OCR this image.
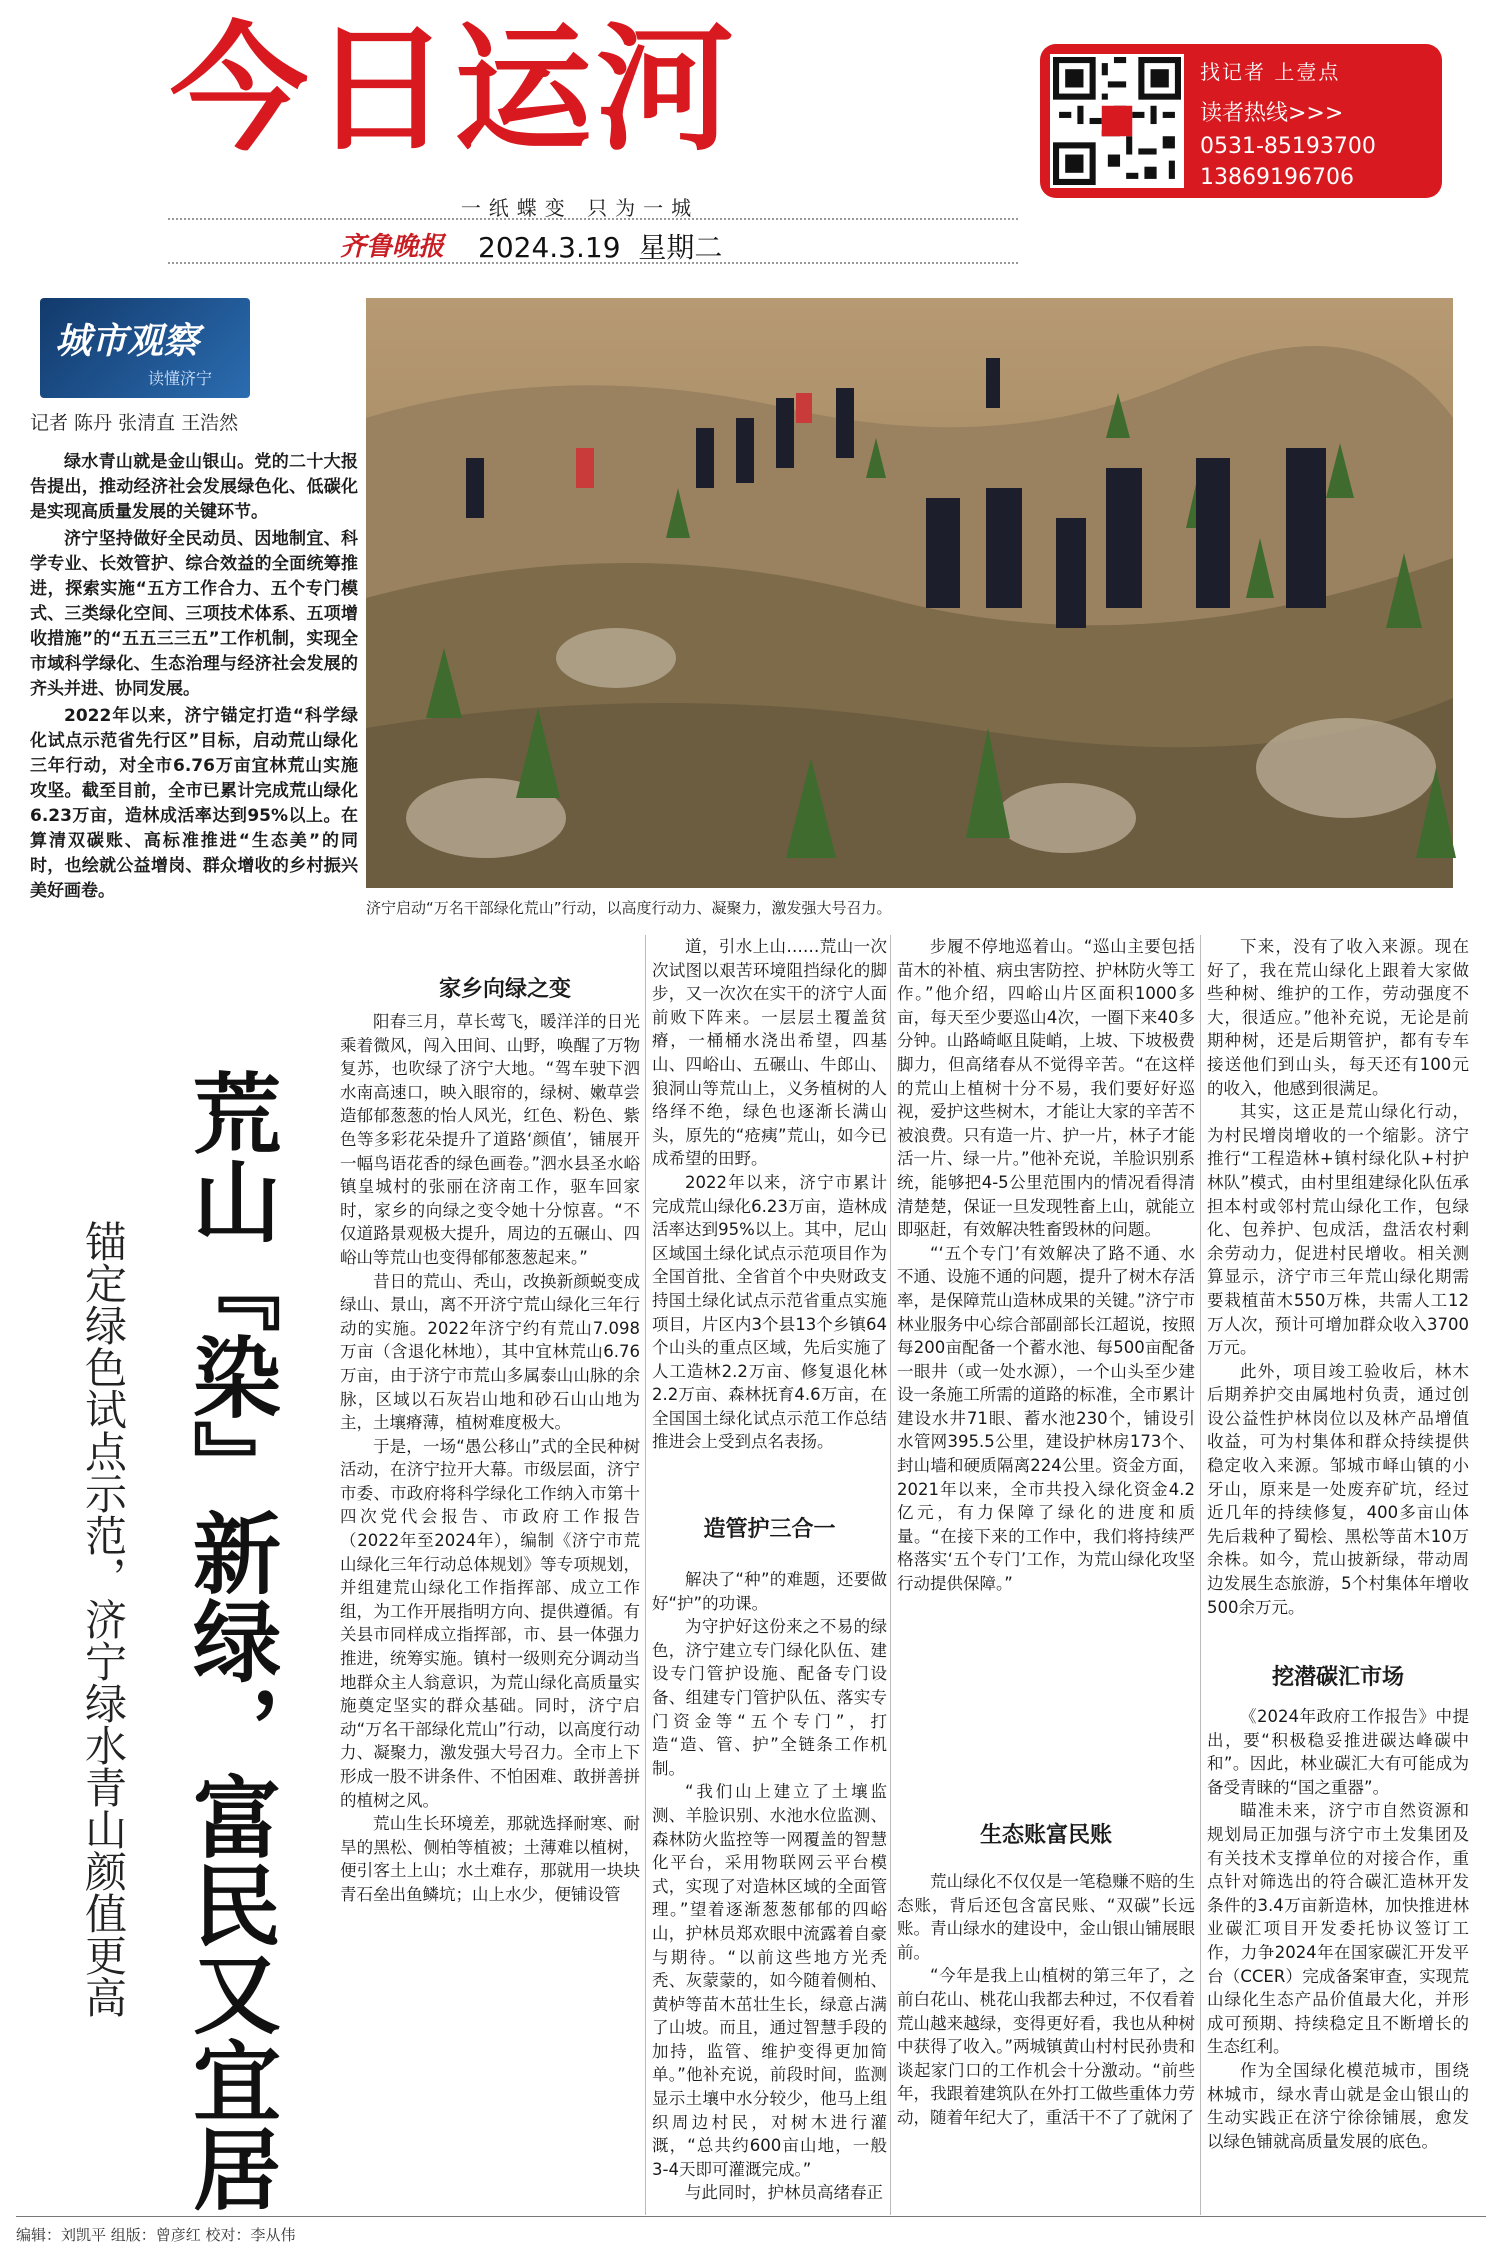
今日运河
一纸蝶变 只为一城
齐鲁晚报	2024.3.19 星期二
找记者 上壹点
读者热线>>>
0531-85193700
13869196706
城市观察
读懂济宁
记者 陈丹 张清直 王浩然

绿水青山就是金山银山。党的二十大报告提出，推动经济社会发展绿色化、低碳化是实现高质量发展的关键环节。

济宁坚持做好全民动员、因地制宜、科学专业、长效管护、综合效益的全面统筹推进，探索实施“五方工作合力、五个专门模式、三类绿化空间、三项技术体系、五项增收措施”的“五五三三五”工作机制，实现全市域科学绿化、生态治理与经济社会发展的齐头并进、协同发展。

2022年以来，济宁锚定打造“科学绿化试点示范省先行区”目标，启动荒山绿化三年行动，对全市6.76万亩宜林荒山实施攻坚。截至目前，全市已累计完成荒山绿化6.23万亩，造林成活率达到95%以上。在算清双碳账、高标准推进“生态美”的同时，也绘就公益增岗、群众增收的乡村振兴美好画卷。

济宁启动“万名干部绿化荒山”行动，以高度行动力、凝聚力，激发强大号召力。
荒山『染』新绿，富民又宜居
锚定绿色试点示范，济宁绿水青山颜值更高
家乡向绿之变

阳春三月，草长莺飞，暖洋洋的日光乘着微风，闯入田间、山野，唤醒了万物复苏，也吹绿了济宁大地。“驾车驶下泗水南高速口，映入眼帘的，绿树、嫩草尝造郁郁葱葱的怡人风光，红色、粉色、紫色等多彩花朵提升了道路‘颜值’，铺展开一幅鸟语花香的绿色画卷。”泗水县圣水峪镇皇城村的张丽在济南工作，驱车回家时，家乡的向绿之变令她十分惊喜。“不仅道路景观极大提升，周边的五碾山、四峪山等荒山也变得郁郁葱葱起来。”

昔日的荒山、秃山，改换新颜蜕变成绿山、景山，离不开济宁荒山绿化三年行动的实施。2022年济宁约有荒山7.098万亩（含退化林地），其中宜林荒山6.76万亩，由于济宁市荒山多属泰山山脉的余脉，区域以石灰岩山地和砂石山山地为主，土壤瘠薄，植树难度极大。

于是，一场“愚公移山”式的全民种树活动，在济宁拉开大幕。市级层面，济宁市委、市政府将科学绿化工作纳入市第十四次党代会报告、市政府工作报告（2022年至2024年），编制《济宁市荒山绿化三年行动总体规划》等专项规划，并组建荒山绿化工作指挥部、成立工作组，为工作开展指明方向、提供遵循。有关县市同样成立指挥部，市、县一体强力推进，统筹实施。镇村一级则充分调动当地群众主人翁意识，为荒山绿化高质量实施奠定坚实的群众基础。同时，济宁启动“万名干部绿化荒山”行动，以高度行动力、凝聚力，激发强大号召力。全市上下形成一股不讲条件、不怕困难、敢拼善拼的植树之风。

荒山生长环境差，那就选择耐寒、耐旱的黑松、侧柏等植被；土薄难以植树，便引客土上山；水土难存，那就用一块块青石垒出鱼鳞坑；山上水少，便铺设管

道，引水上山……荒山一次次试图以艰苦环境阻挡绿化的脚步，又一次次在实干的济宁人面前败下阵来。一层层土覆盖贫瘠，一桶桶水浇出希望，四基山、四峪山、五碾山、牛郎山、狼洞山等荒山上，义务植树的人络绎不绝，绿色也逐渐长满山头，原先的“疮痍”荒山，如今已成希望的田野。

2022年以来，济宁市累计完成荒山绿化6.23万亩，造林成活率达到95%以上。其中，尼山区域国土绿化试点示范项目作为全国首批、全省首个中央财政支持国土绿化试点示范省重点实施项目，片区内3个县13个乡镇64个山头的重点区域，先后实施了人工造林2.2万亩、修复退化林2.2万亩、森林抚育4.6万亩，在全国国土绿化试点示范工作总结推进会上受到点名表扬。

造管护三合一

解决了“种”的难题，还要做好“护”的功课。

为守护好这份来之不易的绿色，济宁建立专门绿化队伍、建设专门管护设施、配备专门设备、组建专门管护队伍、落实专门资金等“五个专门”，打造“造、管、护”全链条工作机制。

“我们山上建立了土壤监测、羊脸识别、水池水位监测、森林防火监控等一网覆盖的智慧化平台，采用物联网云平台模式，实现了对造林区域的全面管理。”望着逐渐葱葱郁郁的四峪山，护林员郑欢眼中流露着自豪与期待。“以前这些地方光秃秃、灰蒙蒙的，如今随着侧柏、黄栌等苗木茁壮生长，绿意占满了山坡。而且，通过智慧手段的加持，监管、维护变得更加简单。”他补充说，前段时间，监测显示土壤中水分较少，他马上组织周边村民，对树木进行灌溉，“总共约600亩山地，一般3-4天即可灌溉完成。”

与此同时，护林员高绪春正

步履不停地巡着山。“巡山主要包括苗木的补植、病虫害防控、护林防火等工作。”他介绍，四峪山片区面积1000多亩，每天至少要巡山4次，一圈下来40多分钟。山路崎岖且陡峭，上坡、下坡极费脚力，但高绪春从不觉得辛苦。“在这样的荒山上植树十分不易，我们要好好巡视，爱护这些树木，才能让大家的辛苦不被浪费。只有造一片、护一片，林子才能活一片、绿一片。”他补充说，羊脸识别系统，能够把4-5公里范围内的情况看得清清楚楚，保证一旦发现牲畜上山，就能立即驱赶，有效解决牲畜毁林的问题。

“‘五个专门’有效解决了路不通、水不通、设施不通的问题，提升了树木存活率，是保障荒山造林成果的关键。”济宁市林业服务中心综合部副部长江超说，按照每200亩配备一个蓄水池、每500亩配备一眼井（或一处水源），一个山头至少建设一条施工所需的道路的标准，全市累计建设水井71眼、蓄水池230个，铺设引水管网395.5公里，建设护林房173个、封山墙和硬质隔离224公里。资金方面，2021年以来，全市共投入绿化资金4.2亿元，有力保障了绿化的进度和质量。“在接下来的工作中，我们将持续严格落实‘五个专门’工作，为荒山绿化攻坚行动提供保障。”

生态账富民账

荒山绿化不仅仅是一笔稳赚不赔的生态账，背后还包含富民账、“双碳”长远账。青山绿水的建设中，金山银山铺展眼前。

“今年是我上山植树的第三年了，之前白花山、桃花山我都去种过，不仅看着荒山越来越绿，变得更好看，我也从种树中获得了收入。”两城镇黄山村村民孙贵和谈起家门口的工作机会十分激动。“前些年，我跟着建筑队在外打工做些重体力劳动，随着年纪大了，重活干不了了就闲了

下来，没有了收入来源。现在好了，我在荒山绿化上跟着大家做些种树、维护的工作，劳动强度不大，很适应。”他补充说，无论是前期种树，还是后期管护，都有专车接送他们到山头，每天还有100元的收入，他感到很满足。

其实，这正是荒山绿化行动，为村民增岗增收的一个缩影。济宁推行“工程造林+镇村绿化队+村护林队”模式，由村里组建绿化队伍承担本村或邻村荒山绿化工作，包绿化、包养护、包成活，盘活农村剩余劳动力，促进村民增收。相关测算显示，济宁市三年荒山绿化期需要栽植苗木550万株，共需人工12万人次，预计可增加群众收入3700万元。

此外，项目竣工验收后，林木后期养护交由属地村负责，通过创设公益性护林岗位以及林产品增值收益，可为村集体和群众持续提供稳定收入来源。邹城市峄山镇的小牙山，原来是一处废弃矿坑，经过近几年的持续修复，400多亩山体先后栽种了蜀桧、黑松等苗木10万余株。如今，荒山披新绿，带动周边发展生态旅游，5个村集体年增收500余万元。

挖潜碳汇市场

《2024年政府工作报告》中提出，要“积极稳妥推进碳达峰碳中和”。因此，林业碳汇大有可能成为备受青睐的“国之重器”。

瞄准未来，济宁市自然资源和规划局正加强与济宁市土发集团及有关技术支撑单位的对接合作，重点针对筛选出的符合碳汇造林开发条件的3.4万亩新造林，加快推进林业碳汇项目开发委托协议签订工作，力争2024年在国家碳汇开发平台（CCER）完成备案审查，实现荒山绿化生态产品价值最大化，并形成可预期、持续稳定且不断增长的生态红利。

作为全国绿化模范城市，围绕林城市，绿水青山就是金山银山的生动实践正在济宁徐徐铺展，愈发以绿色铺就高质量发展的底色。

编辑：刘凯平 组版：曾彦红 校对：李从伟
